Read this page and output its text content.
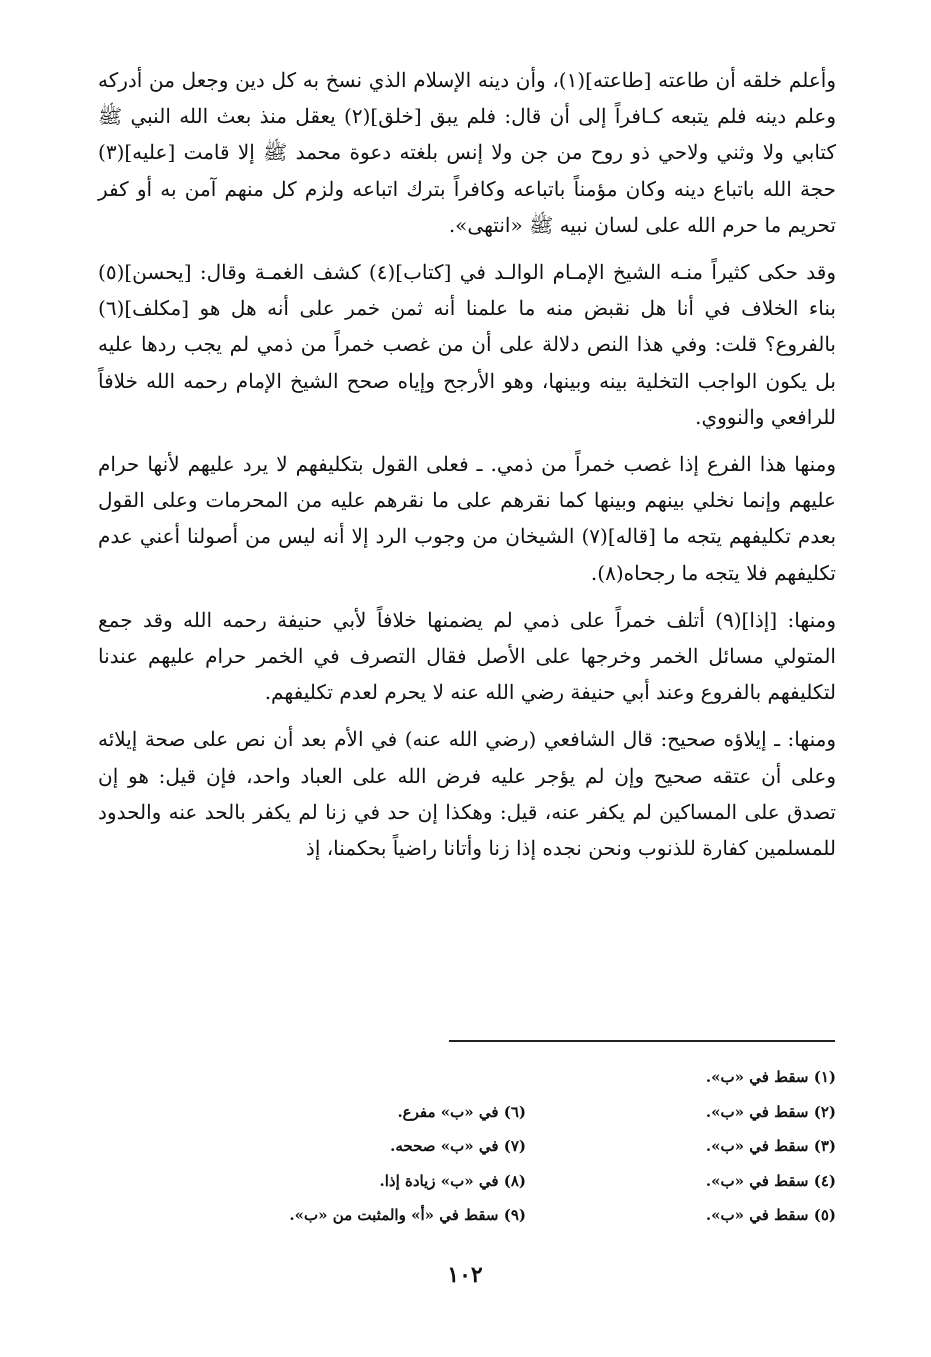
وأعلم خلقه أن طاعته [طاعته](١)، وأن دينه الإسلام الذي نسخ به كل دين وجعل من أدركه وعلم دينه فلم يتبعه كـافراً إلى أن قال: فلم يبق [خلق](٢) يعقل منذ بعث الله النبي ﷺ كتابي ولا وثني ولاحي ذو روح من جن ولا إنس بلغته دعوة محمد ﷺ إلا قامت [عليه](٣) حجة الله باتباع دينه وكان مؤمناً باتباعه وكافراً بترك اتباعه ولزم كل منهم آمن به أو كفر تحريم ما حرم الله على لسان نبيه ﷺ «انتهى».

وقد حكى كثيراً منـه الشيخ الإمـام الوالـد في [كتاب](٤) كشف الغمـة وقال: [يحسن](٥) بناء الخلاف في أنا هل نقبض منه ما علمنا أنه ثمن خمر على أنه هل هو [مكلف](٦) بالفروع؟ قلت: وفي هذا النص دلالة على أن من غصب خمراً من ذمي لم يجب ردها عليه بل يكون الواجب التخلية بينه وبينها، وهو الأرجح وإياه صحح الشيخ الإمام رحمه الله خلافاً للرافعي والنووي.

ومنها هذا الفرع إذا غصب خمراً من ذمي. ـ فعلى القول بتكليفهم لا يرد عليهم لأنها حرام عليهم وإنما نخلي بينهم وبينها كما نقرهم على ما نقرهم عليه من المحرمات وعلى القول بعدم تكليفهم يتجه ما [قاله](٧) الشيخان من وجوب الرد إلا أنه ليس من أصولنا أعني عدم تكليفهم فلا يتجه ما رجحاه(٨).

ومنها: [إذا](٩) أتلف خمراً على ذمي لم يضمنها خلافاً لأبي حنيفة رحمه الله وقد جمع المتولي مسائل الخمر وخرجها على الأصل فقال التصرف في الخمر حرام عليهم عندنا لتكليفهم بالفروع وعند أبي حنيفة رضي الله عنه لا يحرم لعدم تكليفهم.

ومنها: ـ إيلاؤه صحيح: قال الشافعي (رضي الله عنه) في الأم بعد أن نص على صحة إيلائه وعلى أن عتقه صحيح وإن لم يؤجر عليه فرض الله على العباد واحد، فإن قيل: هو إن تصدق على المساكين لم يكفر عنه، قيل: وهكذا إن حد في زنا لم يكفر بالحد عنه والحدود للمسلمين كفارة للذنوب ونحن نجده إذا زنا وأتانا راضياً بحكمنا، إذ

(١) سقط في «ب».
(٢) سقط في «ب».
(٦) في «ب» مفرع.
(٣) سقط في «ب».
(٧) في «ب» صححه.
(٤) سقط في «ب».
(٨) في «ب» زيادة إذا.
(٥) سقط في «ب».
(٩) سقط في «أ» والمثبت من «ب».
١٠٢
